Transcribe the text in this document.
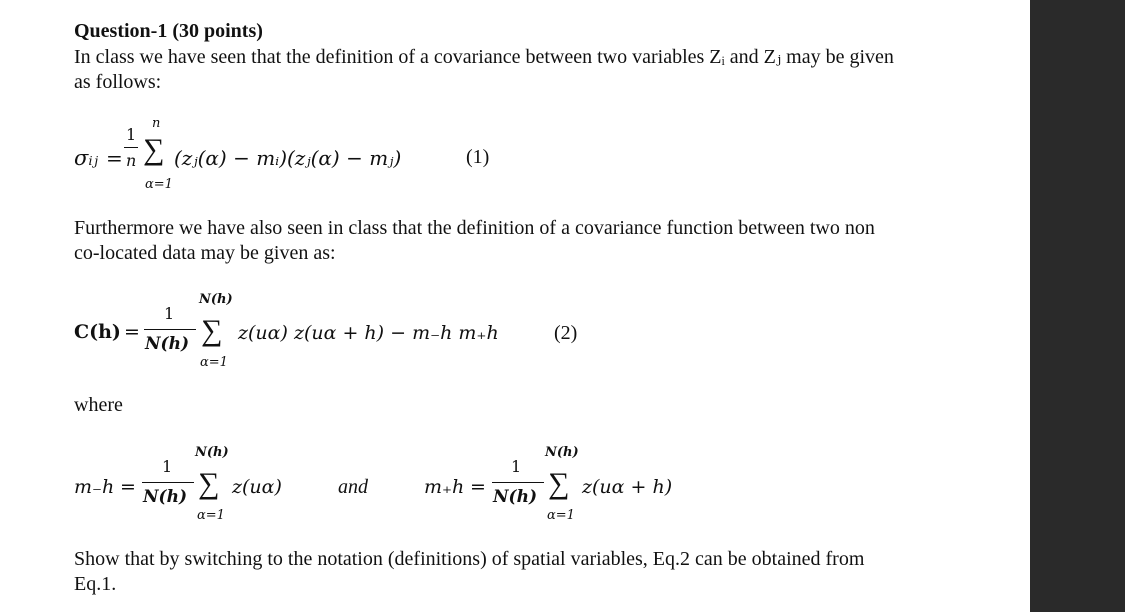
Question-1 (30 points)
In class we have seen that the definition of a covariance between two variables Zᵢ and Zⱼ may be given as follows:
σᵢⱼ =
1
n
n
∑
α=1
(zⱼ(α) − mᵢ)(zⱼ(α) − mⱼ)	(1)
Furthermore we have also seen in class that the definition of a covariance function between two non co-located data may be given as:
C(h) =
1
N(h)
N(h)
∑
α=1
z(uα) z(uα + h) − m₋h m₊h	(2)
where
m₋h =
1
N(h)
N(h)
∑
α=1
z(uα)	and	m₊h =
1
N(h)
N(h)
∑
α=1
z(uα + h)
Show that by switching to the notation (definitions) of spatial variables, Eq.2 can be obtained from Eq.1.
